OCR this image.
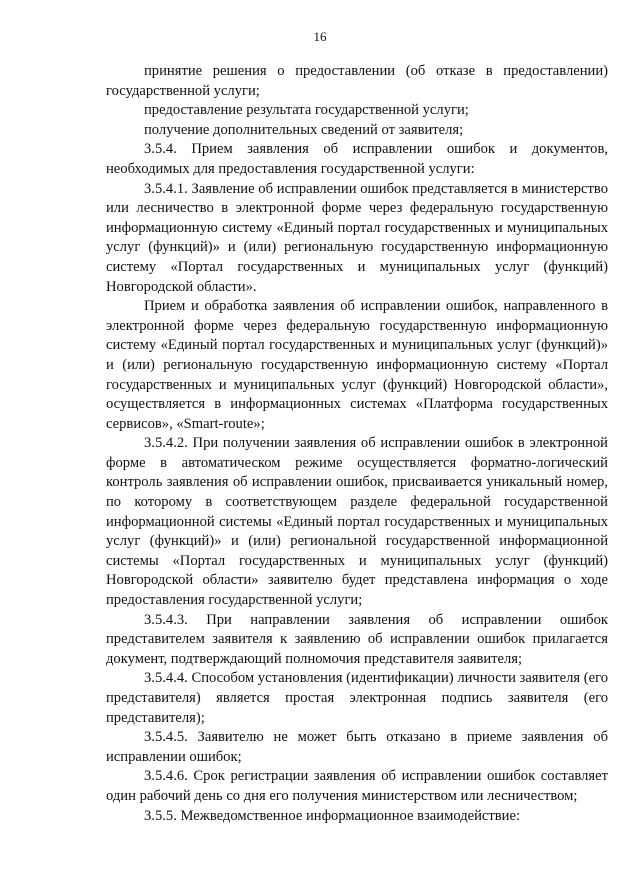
16

принятие решения о предоставлении (об отказе в предоставлении) государственной услуги;

предоставление результата государственной услуги;

получение дополнительных сведений от заявителя;

3.5.4. Прием заявления об исправлении ошибок и документов, необходимых для предоставления государственной услуги:

3.5.4.1. Заявление об исправлении ошибок представляется в министерство или лесничество в электронной форме через федеральную государственную информационную систему «Единый портал государственных и муниципальных услуг (функций)» и (или) региональную государственную информационную систему «Портал государственных и муниципальных услуг (функций) Новгородской области».

Прием и обработка заявления об исправлении ошибок, направленного в электронной форме через федеральную государственную информационную систему «Единый портал государственных и муниципальных услуг (функций)» и (или) региональную государственную информационную систему «Портал государственных и муниципальных услуг (функций) Новгородской области», осуществляется в информационных системах «Платформа государственных сервисов», «Smart-route»;

3.5.4.2. При получении заявления об исправлении ошибок в электронной форме в автоматическом режиме осуществляется форматно-логический контроль заявления об исправлении ошибок, присваивается уникальный номер, по которому в соответствующем разделе федеральной государственной информационной системы «Единый портал государственных и муниципальных услуг (функций)» и (или) региональной государственной информационной системы «Портал государственных и муниципальных услуг (функций) Новгородской области» заявителю будет представлена информация о ходе предоставления государственной услуги;

3.5.4.3. При направлении заявления об исправлении ошибок представителем заявителя к заявлению об исправлении ошибок прилагается документ, подтверждающий полномочия представителя заявителя;

3.5.4.4. Способом установления (идентификации) личности заявителя (его представителя) является простая электронная подпись заявителя (его представителя);

3.5.4.5. Заявителю не может быть отказано в приеме заявления об исправлении ошибок;

3.5.4.6. Срок регистрации заявления об исправлении ошибок составляет один рабочий день со дня его получения министерством или лесничеством;

3.5.5. Межведомственное информационное взаимодействие:
